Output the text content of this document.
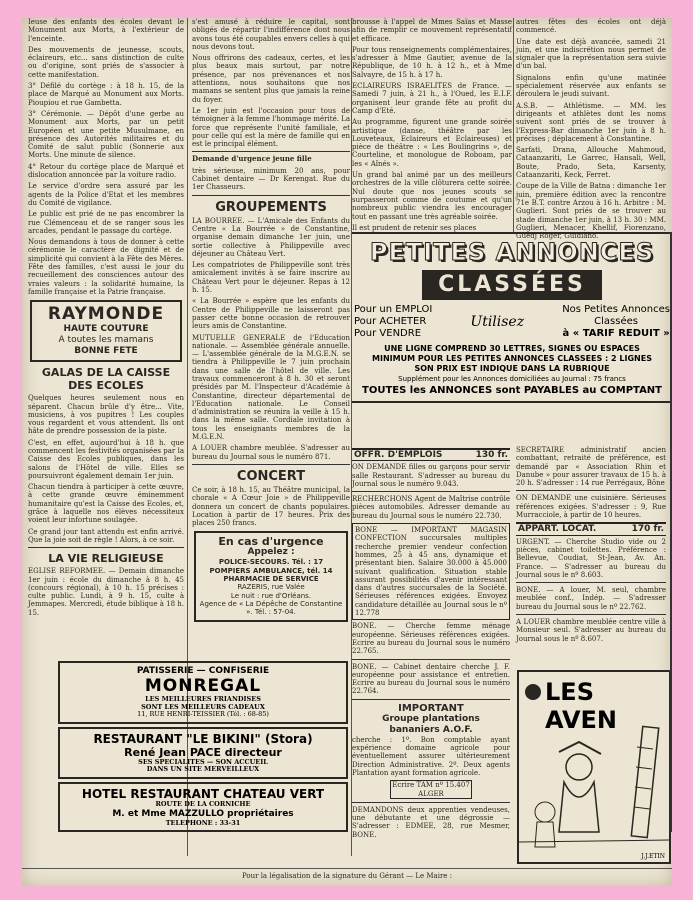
Ieuse des enfants des écoles devant le Monument aux Morts, à l'extérieur de l'enceinte.

Des mouvements de jeunesse, scouts, éclaireurs, etc... sans distinction de culte ou d'origine, sont priés de s'associer à cette manifestation.

3° Défilé du cortège : à 18 h. 15, de la place de Marqué au Monument aux Morts. Pioupiou et rue Gambetta.

3° Cérémonie. — Dépôt d'une gerbe au Monument aux Morts, par un petit Européen et une petite Musulmane, en présence des Autorités militaires et du Comité de salut public (Sonnerie aux Morts. Une minute de silence.

4° Retour du cortège place de Marqué et dislocation annoncée par la voiture radio.

Le service d'ordre sera assuré par les agents de la Police d'Etat et les membres du Comité de vigilance.

Le public est prié de ne pas encombrer la rue Clémenceau et de se ranger sous les arcades, pendant le passage du cortège.

Nous demandons à tous de donner à cette cérémonie le caractère de dignité et de simplicité qui convient à la Fête des Mères. Fête des familles, c'est aussi le jour du recueillement des consciences autour des vraies valeurs : la solidarité humaine, la famille française et la Patrie française.

RAYMONDE
HAUTE COUTURE
A toutes les mamans
BONNE FETE
GALAS DE LA CAISSE DES ECOLES

Quelques heures seulement nous en séparent. Chacun brûle d'y être... Vite, musiciens, à vos pupitres ! Les couples vous regardent et vous attendent. Ils ont hâte de prendre possession de la piste.

C'est, en effet, aujourd'hui à 18 h. que commencent les festivités organisées par la Caisse des Ecoles publiques, dans les salons de l'Hôtel de ville. Elles se poursuivront également demain 1er juin.

Chacun tiendra à participer à cette œuvre, à cette grande œuvre éminemment humanitaire qu'est la Caisse des Ecoles, et, grâce à laquelle nos élèves nécessiteux voient leur infortune soulagée.

Ce grand jour tant attendu est enfin arrivé. Que la joie soit de règle ! Alors, à ce soir.

LA VIE RELIGIEUSE

EGLISE REFORMEE. — Demain dimanche 1er juin : école du dimanche à 8 h. 45 (concours régional), à 10 h. 15 précises : culte public. Lundi, à 9 h. 15, culte à Jemmapes. Mercredi, étude biblique à 18 h. 15.

s'est amusé à réduire le capital, sont obligés de répartir l'indifférence dont nous avons tous été coupables envers celles à qui nous devons tout.

Nous offrirons des cadeaux, certes, et les plus beaux mais surtout, par notre présence, par nos prévenances et nos attentions, nous souhaitons que nos mamans se sentent plus que jamais la reine du foyer.

Le 1er juin est l'occasion pour tous de témoigner à la femme l'hommage mérité. La force que représente l'unité familiale, et pour celle qui est la mère de famille qui en est le principal élément.

Demande d'urgence jeune fille

très sérieuse, minimum 20 ans, pour Cabinet dentaire — Dr Kerengat. Rue du 1er Chasseurs.

GROUPEMENTS

LA BOURREE. — L'Amicale des Enfants du Centre « La Bourrée » de Constantine, organise demain dimanche 1er juin, une sortie collective à Philippeville avec déjeuner au Château Vert.

Les compatriotes de Philippeville sont très amicalement invités à se faire inscrire au Château Vert pour le déjeuner. Repas à 12 h. 15.

« La Bourrée » espère que les enfants du Centre de Philippeville ne laisseront pas passer cette bonne occasion de retrouver leurs amis de Constantine.

MUTUELLE GENERALE de l'Education nationale. — Assemblée générale annuelle. — L'assemblée générale de la M.G.E.N. se tiendra à Philippeville le 7 juin prochain dans une salle de l'hôtel de ville. Les travaux commenceront à 8 h. 30 et seront présidés par M. l'Inspecteur d'Académie à Constantine, directeur départemental de l'Education nationale. Le Conseil d'administration se réunira la veille à 15 h. dans la même salle. Cordiale invitation à tous les enseignants membres de la M.G.E.N.

A LOUER chambre meublée. S'adresser au bureau du Journal sous le numéro 871.

CONCERT

Ce soir, à 18 h. 15, au Théâtre municipal, la chorale « A Cœur Joie » de Philippeville donnera un concert de chants populaires. Location à partir de 17 heures. Prix des places 250 francs.

En cas d'urgence
Appelez :
POLICE-SECOURS. Tél. : 17
POMPIERS AMBULANCE, tél. 14
PHARMACIE DE SERVICE
RAZERIS, rue Valée
Le nuit : rue d'Orléans.
Agence de « La Dépêche de Constantine ». Tél. : 57-04.
PATISSERIE — CONFISERIE
MONREGAL
LES MEILLEURES FRIANDISES
SONT LES MEILLEURS CADEAUX
11, RUE HENRI-TEISSIER (Tél. : 68-85)
RESTAURANT "LE BIKINI" (Stora)
René Jean PACE directeur
SES SPECIALITES — SON ACCUEIL
DANS UN SITE MERVEILLEUX
HOTEL RESTAURANT CHATEAU VERT
ROUTE DE LA CORNICHE
M. et Mme MAZZULLO propriétaires
TELEPHONE : 33-31

brousse à l'appel de Mmes Saïas et Masse afin de remplir ce mouvement représentatif et efficace.

Pour tous renseignements complémentaires, s'adresser à Mme Gautier, avenue de la République, de 10 h. à 12 h., et à Mme Salvayre, de 15 h. à 17 h.

ECLAIREURS ISRAELITES de France. — Samedi 7 juin, à 21 h., à l'Oued, les E.I.F. organisent leur grande fête au profit du Camp d'Eté.

Au programme, figurent une grande soirée artistique (danse, théâtre par les Louveteaux, Eclaireurs et Eclaireuses) et pièce de théâtre : « Les Boulingrins », de Courteline, et monologue de Roboam, par les « Aînés ».

Un grand bal animé par un des meilleurs orchestres de la ville clôturera cette soirée. Nul doute que nos jeunes scouts se surpasseront comme de coutume et qu'un nombreux public viendra les encourager tout en passant une très agréable soirée.

Il est prudent de retenir ses places

autres fêtes des écoles ont déjà commencé.

Une date est déjà avancée, samedi 21 juin, et une indiscrétion nous permet de signaler que la représentation sera suivie d'un bal.

Signalons enfin qu'une matinée spécialement réservée aux enfants se déroulera le jeudi suivant.

A.S.B. — Athlétisme. — MM. les dirigeants et athlètes dont les noms suivent sont priés de se trouver à l'Express-Bar dimanche 1er juin à 8 h. précises ; déplacement à Constantine.

Sarfati, Drana, Allouche Mahmoud, Cataanzariti, Le Garrec, Hansali, Well, Boute, Prado, Seta, Karsenty, Cataanzariti, Keck, Ferret.

Coupe de la Ville de Batna : dimanche 1er juin, première édition avec la rencontre 71e B.T. contre Arzou à 16 h. Arbitre : M. Guglieri. Sont priés de se trouver au stade dimanche 1er juin, à 13 h. 30 : MM. Guglieri, Menacer, Khellif, Fiorenzano, Guedj Roger, Guidiano.

PETITES ANNONCES
CLASSÉES
Pour un EMPLOI
Pour ACHETER
Pour VENDRE
Utilisez
Nos Petites Annonces
Classées
à « TARIF REDUIT »
UNE LIGNE COMPREND 30 LETTRES, SIGNES OU ESPACES
MINIMUM POUR LES PETITES ANNONCES CLASSEES : 2 LIGNES
SON PRIX EST INDIQUE DANS LA RUBRIQUE
Supplément pour les Annonces domiciliées au Journal : 75 francs
TOUTES les ANNONCES sont PAYABLES au COMPTANT
OFFR. D'EMPLOIS	130 fr.

ON DEMANDE filles ou garçons pour servir salle Restaurant. S'adresser au bureau du Journal sous le numéro 9.043.

RECHERCHONS Agent de Maîtrise contrôle pièces automobiles. Adresser demande au bureau du Journal sous le numéro 22.730.

BONE — IMPORTANT MAGASIN CONFECTION succursales multiples recherche premier vendeur confection hommes, 25 à 45 ans, dynamique et présentant bien. Salaire 30.000 à 45.000 suivant qualification. Situation stable assurant possibilités d'avenir intéressant dans d'autres succursales de la Société. Sérieuses références exigées. Envoyez candidature détaillée au Journal sous le nº 12.778

BONE. — Cherche femme ménage européenne. Sérieuses références exigées. Ecrire au bureau du Journal sous le numéro 22.765.

BONE. — Cabinet dentaire cherche J. F. européenne pour assistance et entretien. Ecrire au bureau du Journal sous le numéro 22.764.

IMPORTANT
Groupe plantations
bananiers A.O.F.

cherche : 1º. Bon comptable ayant expérience domaine agricole pour éventuellement assurer ultérieurement Direction Administrative. 2º. Deux agents Plantation ayant formation agricole.

Ecrire TAM nº 15.407
ALGER

DEMANDONS deux apprenties vendeuses, une débutante et une dégrossie — S'adresser : EDMEE, 28, rue Mesmer, BONE.

SECRETAIRE administratif ancien combattant, retraité de préférence, est demandé par « Association Rhin et Danube » pour assurer travaux de 15 h. à 20 h. S'adresser : 14 rue Perrégaux, Bône

ON DEMANDE une cuisinière. Sérieuses références exigées. S'adresser : 9, Rue Murracciole, à partir de 10 heures.

APPART. LOCAT.	170 fr.

URGENT. — Cherche Studio vide ou 2 pièces, cabinet toilettes. Préférence : Bellevue, Coudiat, St-Jean, Av. An. France. — S'adresser au bureau du Journal sous le nº 8.603.

BONE. — A louer, M. seul, chambre meublée conf., Indép. — S'adresser bureau du Journal sous le nº 22.762.

A LOUER chambre meublée centre ville à Monsieur seul. S'adresser au bureau du Journal sous le nº 8.607.

LES AVEN
J.J.ETIN
Pour la légalisation de la signature du Gérant — Le Maire :
